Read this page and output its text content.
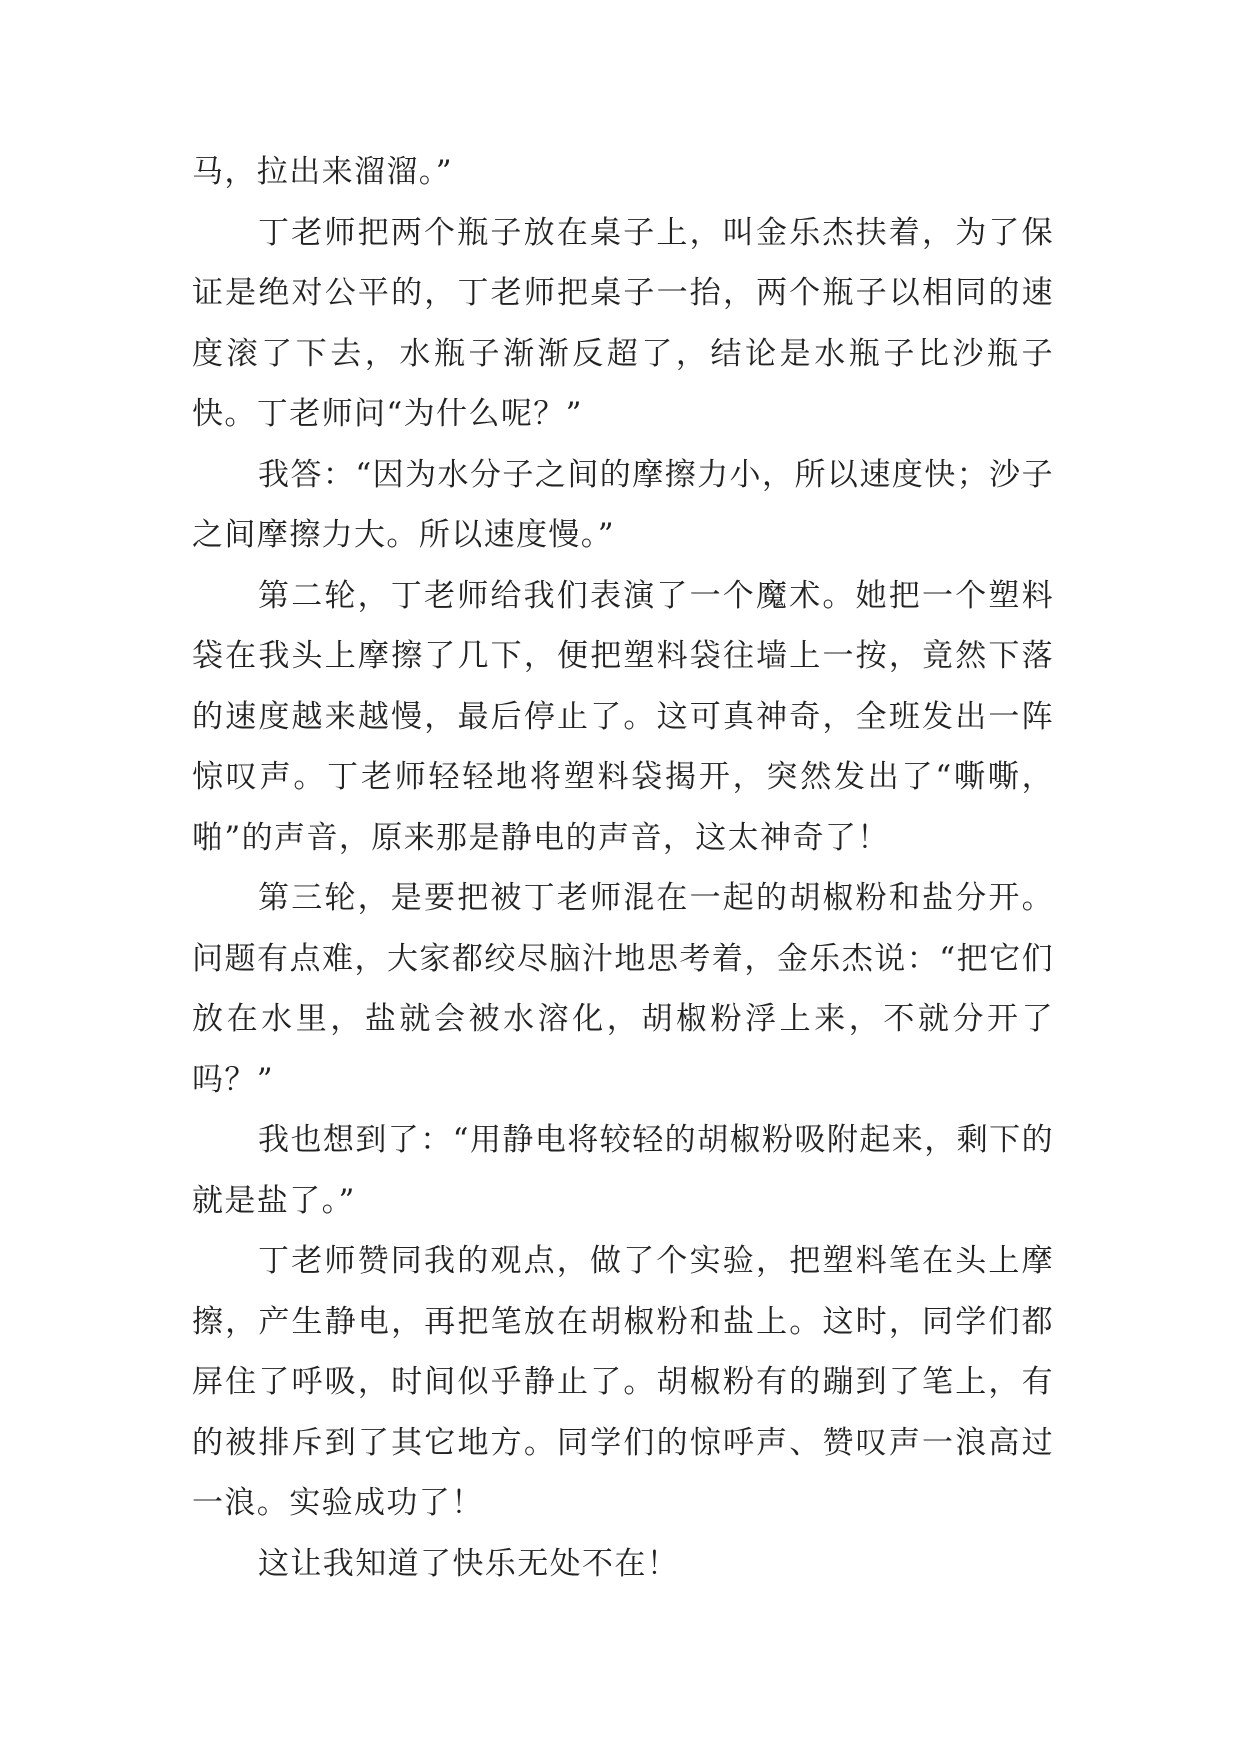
马，拉出来溜溜。”

丁老师把两个瓶子放在桌子上，叫金乐杰扶着，为了保证是绝对公平的，丁老师把桌子一抬，两个瓶子以相同的速度滚了下去，水瓶子渐渐反超了，结论是水瓶子比沙瓶子快。丁老师问“为什么呢？”

我答：“因为水分子之间的摩擦力小，所以速度快；沙子之间摩擦力大。所以速度慢。”

第二轮，丁老师给我们表演了一个魔术。她把一个塑料袋在我头上摩擦了几下，便把塑料袋往墙上一按，竟然下落的速度越来越慢，最后停止了。这可真神奇，全班发出一阵惊叹声。丁老师轻轻地将塑料袋揭开，突然发出了“嘶嘶，啪”的声音，原来那是静电的声音，这太神奇了！

第三轮，是要把被丁老师混在一起的胡椒粉和盐分开。问题有点难，大家都绞尽脑汁地思考着，金乐杰说：“把它们放在水里，盐就会被水溶化，胡椒粉浮上来，不就分开了吗？”

我也想到了：“用静电将较轻的胡椒粉吸附起来，剩下的就是盐了。”

丁老师赞同我的观点，做了个实验，把塑料笔在头上摩擦，产生静电，再把笔放在胡椒粉和盐上。这时，同学们都屏住了呼吸，时间似乎静止了。胡椒粉有的蹦到了笔上，有的被排斥到了其它地方。同学们的惊呼声、赞叹声一浪高过一浪。实验成功了！

这让我知道了快乐无处不在！
